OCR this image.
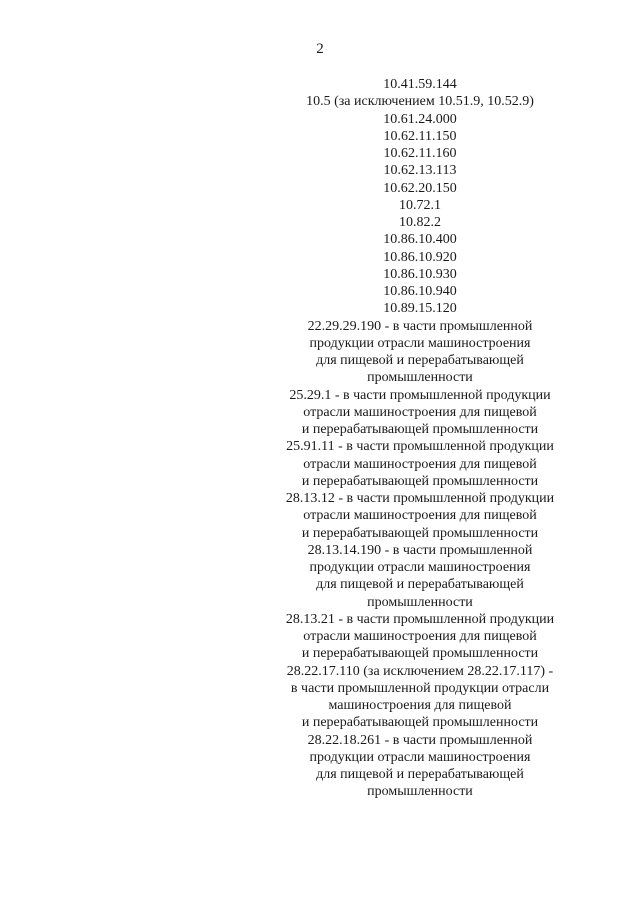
2
10.41.59.144
10.5 (за исключением 10.51.9, 10.52.9)
10.61.24.000
10.62.11.150
10.62.11.160
10.62.13.113
10.62.20.150
10.72.1
10.82.2
10.86.10.400
10.86.10.920
10.86.10.930
10.86.10.940
10.89.15.120
22.29.29.190 - в части промышленной
продукции отрасли машиностроения
для пищевой и перерабатывающей
промышленности
25.29.1 - в части промышленной продукции
отрасли машиностроения для пищевой
и перерабатывающей промышленности
25.91.11 - в части промышленной продукции
отрасли машиностроения для пищевой
и перерабатывающей промышленности
28.13.12 - в части промышленной продукции
отрасли машиностроения для пищевой
и перерабатывающей промышленности
28.13.14.190 - в части промышленной
продукции отрасли машиностроения
для пищевой и перерабатывающей
промышленности
28.13.21 - в части промышленной продукции
отрасли машиностроения для пищевой
и перерабатывающей промышленности
28.22.17.110 (за исключением 28.22.17.117) -
в части промышленной продукции отрасли
машиностроения для пищевой
и перерабатывающей промышленности
28.22.18.261 - в части промышленной
продукции отрасли машиностроения
для пищевой и перерабатывающей
промышленности
